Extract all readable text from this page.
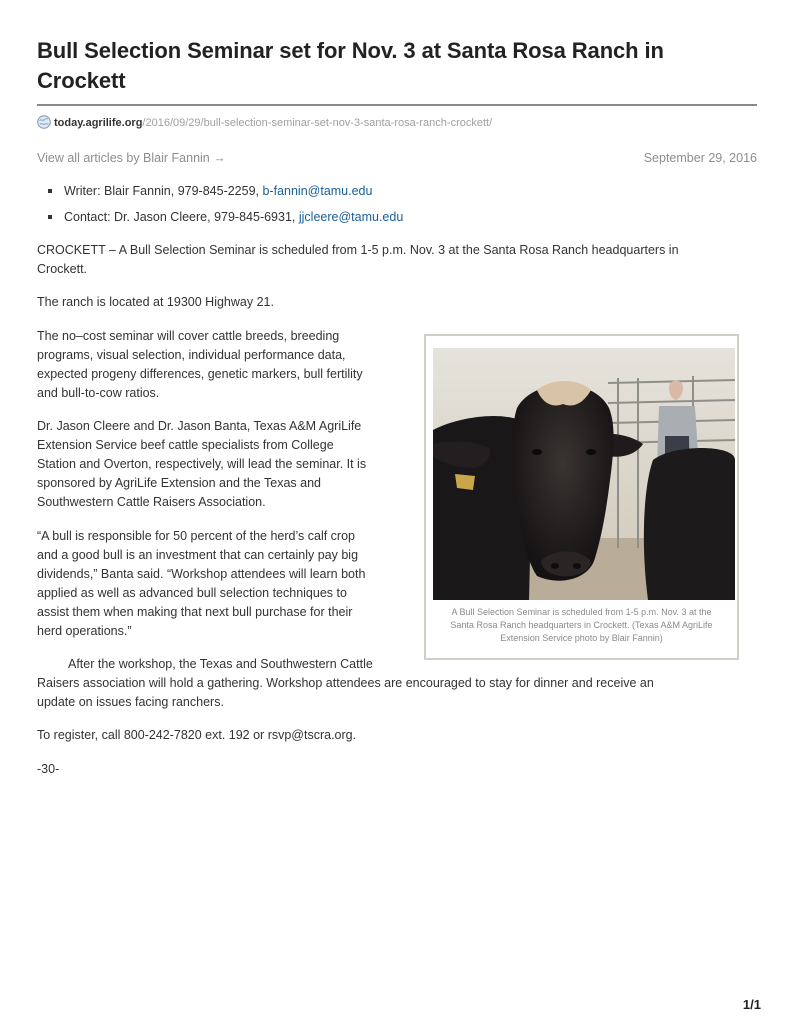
Bull Selection Seminar set for Nov. 3 at Santa Rosa Ranch in Crockett
today.agrilife.org/2016/09/29/bull-selection-seminar-set-nov-3-santa-rosa-ranch-crockett/
View all articles by Blair Fannin →	September 29, 2016
Writer: Blair Fannin, 979-845-2259, b-fannin@tamu.edu
Contact: Dr. Jason Cleere, 979-845-6931, jjcleere@tamu.edu

CROCKETT – A Bull Selection Seminar is scheduled from 1-5 p.m. Nov. 3 at the Santa Rosa Ranch headquarters in
Crockett.

The ranch is located at 19300 Highway 21.

The no–cost seminar will cover cattle breeds, breeding
programs, visual selection, individual performance data,
expected progeny differences, genetic markers, bull fertility
and bull-to-cow ratios.

Dr. Jason Cleere and Dr. Jason Banta, Texas A&M AgriLife
Extension Service beef cattle specialists from College
Station and Overton, respectively, will lead the seminar. It is
sponsored by AgriLife Extension and the Texas and
Southwestern Cattle Raisers Association.

“A bull is responsible for 50 percent of the herd’s calf crop
and a good bull is an investment that can certainly pay big
dividends,” Banta said. “Workshop attendees will learn both
applied as well as advanced bull selection techniques to
assist them when making that next bull purchase for their
herd operations.”

A Bull Selection Seminar is scheduled from 1-5 p.m. Nov. 3 at the
Santa Rosa Ranch headquarters in Crockett. (Texas A&M AgriLife
Extension Service photo by Blair Fannin)

After the workshop, the Texas and Southwestern Cattle
Raisers association will hold a gathering. Workshop attendees are encouraged to stay for dinner and receive an
update on issues facing ranchers.

To register, call 800-242-7820 ext. 192 or rsvp@tscra.org.

-30-

1/1
